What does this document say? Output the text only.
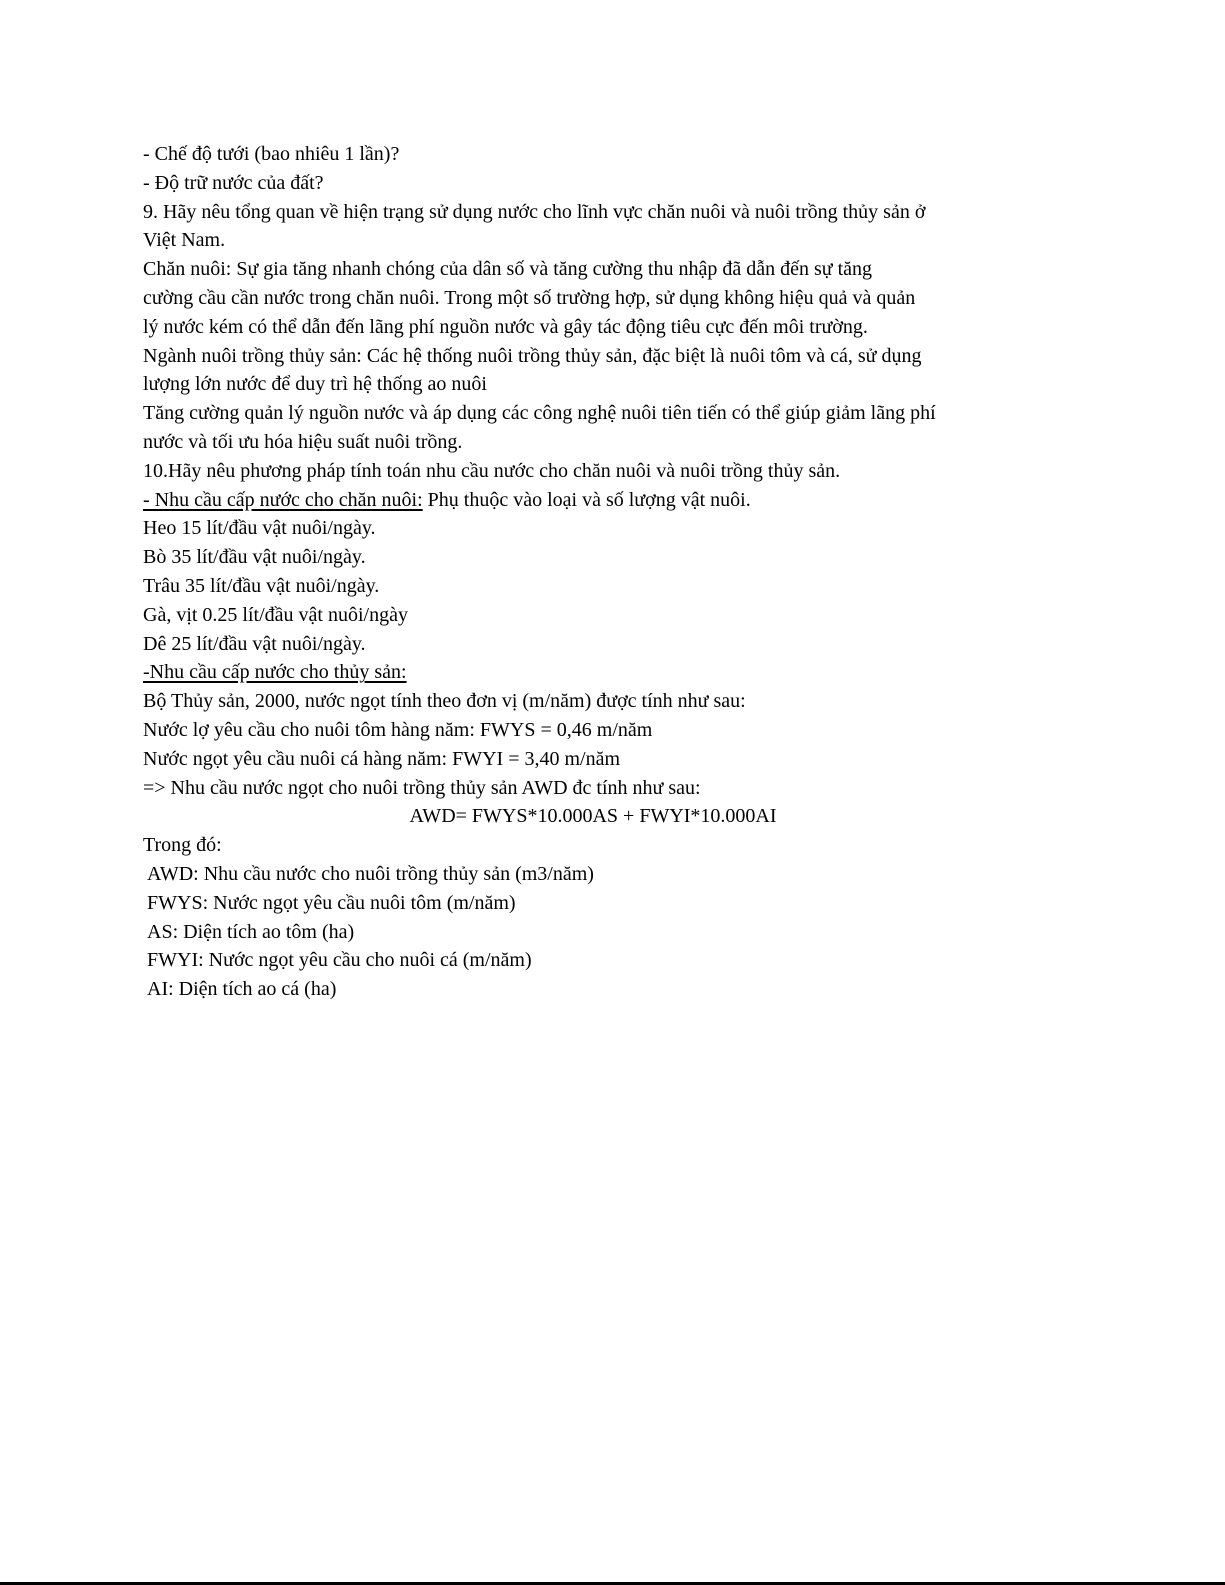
- Chế độ tưới (bao nhiêu 1 lần)?
- Độ trữ nước của đất?
9. Hãy nêu tổng quan về hiện trạng sử dụng nước cho lĩnh vực chăn nuôi và nuôi trồng thủy sản ở
Việt Nam.
Chăn nuôi: Sự gia tăng nhanh chóng của dân số và tăng cường thu nhập đã dẫn đến sự tăng
cường cầu cần nước trong chăn nuôi. Trong một số trường hợp, sử dụng không hiệu quả và quản
lý nước kém có thể dẫn đến lãng phí nguồn nước và gây tác động tiêu cực đến môi trường.
Ngành nuôi trồng thủy sản: Các hệ thống nuôi trồng thủy sản, đặc biệt là nuôi tôm và cá, sử dụng
lượng lớn nước để duy trì hệ thống ao nuôi
Tăng cường quản lý nguồn nước và áp dụng các công nghệ nuôi tiên tiến có thể giúp giảm lãng phí
nước và tối ưu hóa hiệu suất nuôi trồng.
10.Hãy nêu phương pháp tính toán nhu cầu nước cho chăn nuôi và nuôi trồng thủy sản.
- Nhu cầu cấp nước cho chăn nuôi: Phụ thuộc vào loại và số lượng vật nuôi.
Heo 15 lít/đầu vật nuôi/ngày.
Bò 35 lít/đầu vật nuôi/ngày.
Trâu 35 lít/đầu vật nuôi/ngày.
Gà, vịt 0.25 lít/đầu vật nuôi/ngày
Dê 25 lít/đầu vật nuôi/ngày.
-Nhu cầu cấp nước cho thủy sản:
Bộ Thủy sản, 2000, nước ngọt tính theo đơn vị (m/năm) được tính như sau:
Nước lợ yêu cầu cho nuôi tôm hàng năm: FWYS = 0,46 m/năm
Nước ngọt yêu cầu nuôi cá hàng năm: FWYI = 3,40 m/năm
=> Nhu cầu nước ngọt cho nuôi trồng thủy sản AWD đc tính như sau:
AWD= FWYS*10.000AS + FWYI*10.000AI
Trong đó:
AWD: Nhu cầu nước cho nuôi trồng thủy sản (m3/năm)
FWYS: Nước ngọt yêu cầu nuôi tôm (m/năm)
AS: Diện tích ao tôm (ha)
FWYI: Nước ngọt yêu cầu cho nuôi cá (m/năm)
AI: Diện tích ao cá (ha)
